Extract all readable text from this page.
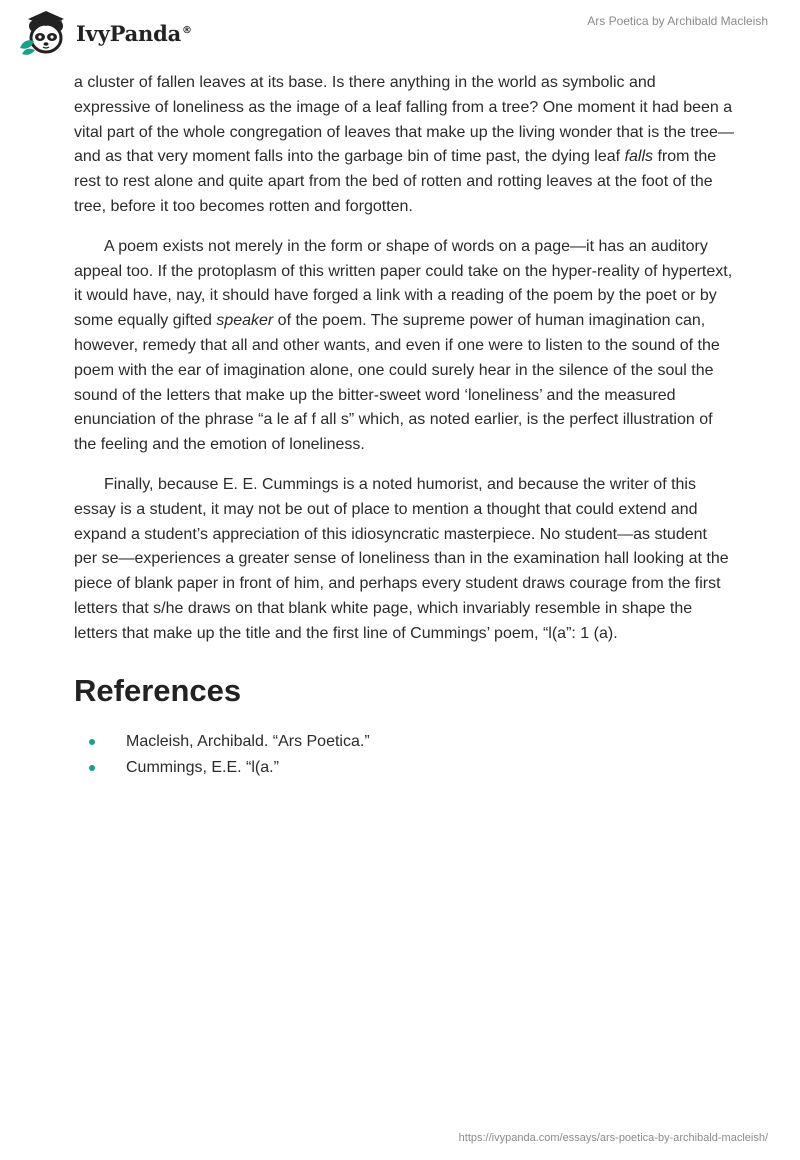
IvyPanda®
Ars Poetica by Archibald Macleish

a cluster of fallen leaves at its base. Is there anything in the world as symbolic and expressive of loneliness as the image of a leaf falling from a tree? One moment it had been a vital part of the whole congregation of leaves that make up the living wonder that is the tree—and as that very moment falls into the garbage bin of time past, the dying leaf falls from the rest to rest alone and quite apart from the bed of rotten and rotting leaves at the foot of the tree, before it too becomes rotten and forgotten.

A poem exists not merely in the form or shape of words on a page—it has an auditory appeal too. If the protoplasm of this written paper could take on the hyper-reality of hypertext, it would have, nay, it should have forged a link with a reading of the poem by the poet or by some equally gifted speaker of the poem. The supreme power of human imagination can, however, remedy that all and other wants, and even if one were to listen to the sound of the poem with the ear of imagination alone, one could surely hear in the silence of the soul the sound of the letters that make up the bitter-sweet word ‘loneliness’ and the measured enunciation of the phrase “a le af f all s” which, as noted earlier, is the perfect illustration of the feeling and the emotion of loneliness.

Finally, because E. E. Cummings is a noted humorist, and because the writer of this essay is a student, it may not be out of place to mention a thought that could extend and expand a student’s appreciation of this idiosyncratic masterpiece. No student—as student per se—experiences a greater sense of loneliness than in the examination hall looking at the piece of blank paper in front of him, and perhaps every student draws courage from the first letters that s/he draws on that blank white page, which invariably resemble in shape the letters that make up the title and the first line of Cummings’ poem, “l(a”: 1 (a).

References
Macleish, Archibald. “Ars Poetica.”
Cummings, E.E. “l(a.”
https://ivypanda.com/essays/ars-poetica-by-archibald-macleish/
